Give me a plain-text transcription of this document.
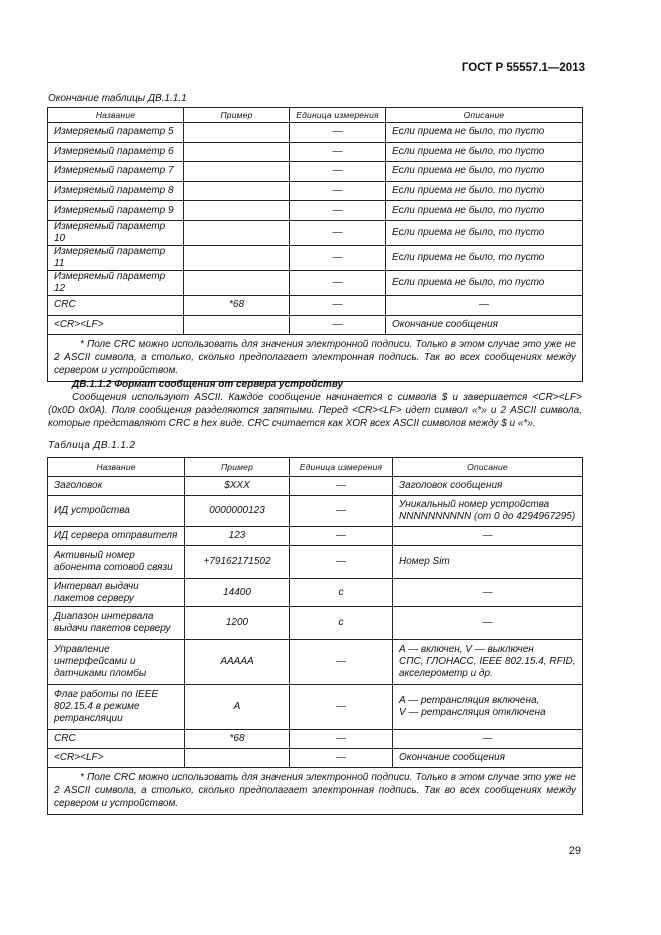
ГОСТ Р 55557.1—2013
Окончание таблицы ДВ.1.1.1
Название	Пример	Единица измерения	Описание
Измеряемый параметр 5		—	Если приема не было, то пусто
Измеряемый параметр 6		—	Если приема не было, то пусто
Измеряемый параметр 7		—	Если приема не было, то пусто
Измеряемый параметр 8		—	Если приема не было, то пусто
Измеряемый параметр 9		—	Если приема не было, то пусто
Измеряемый параметр 10		—	Если приема не было, то пусто
Измеряемый параметр 11		—	Если приема не было, то пусто
Измеряемый параметр 12		—	Если приема не было, то пусто
CRC	*68	—	—
<CR><LF>		—	Окончание сообщения
* Поле CRC можно использовать для значения электронной подписи. Только в этом случае это уже не 2 ASCII символа, а столько, сколько предполагает электронная подпись. Так во всех сообщениях между сервером и устройством.			
ДВ.1.1.2 Формат сообщения от сервера устройству
Сообщения используют ASCII. Каждое сообщение начинается с символа $ и завершается <CR><LF> (0x0D 0x0A). Поля сообщения разделяются запятыми. Перед <CR><LF> идет символ «*» и 2 ASCII символа, которые представляют CRC в hex виде. CRC считается как XOR всех ASCII символов между $ и «*».
Таблица ДВ.1.1.2
Название	Пример	Единица измерения	Описание
Заголовок	$XXX	—	Заголовок сообщения

ИД устройства	0000000123	—	Уникальный номер устройства
NNNNNNNNNN (от 0 до 4294967295)

ИД сервера отправителя	123	—	—

Активный номер абонента сотовой связи	+79162171502	—	Номер Sim

Интервал выдачи пакетов серверу	14400	с	—

Диапазон интервала выдачи пакетов серверу	1200	с	—

Управление интерфейсами и датчиками пломбы	AAAAA	—	A — включен, V — выключен
СПС, ГЛОНАСС, IEEE 802.15.4, RFID, акселерометр и др.

Флаг работы по IEEE 802.15.4 в режиме ретрансляции	A	—	A — ретрансляция включена,
V — ретрансляция отключена

CRC	*68	—	—

<CR><LF>		—	Окончание сообщения

* Поле CRC можно использовать для значения электронной подписи. Только в этом случае это уже не 2 ASCII символа, а столько, сколько предполагает электронная подпись. Так во всех сообщениях между сервером и устройством.			
29
